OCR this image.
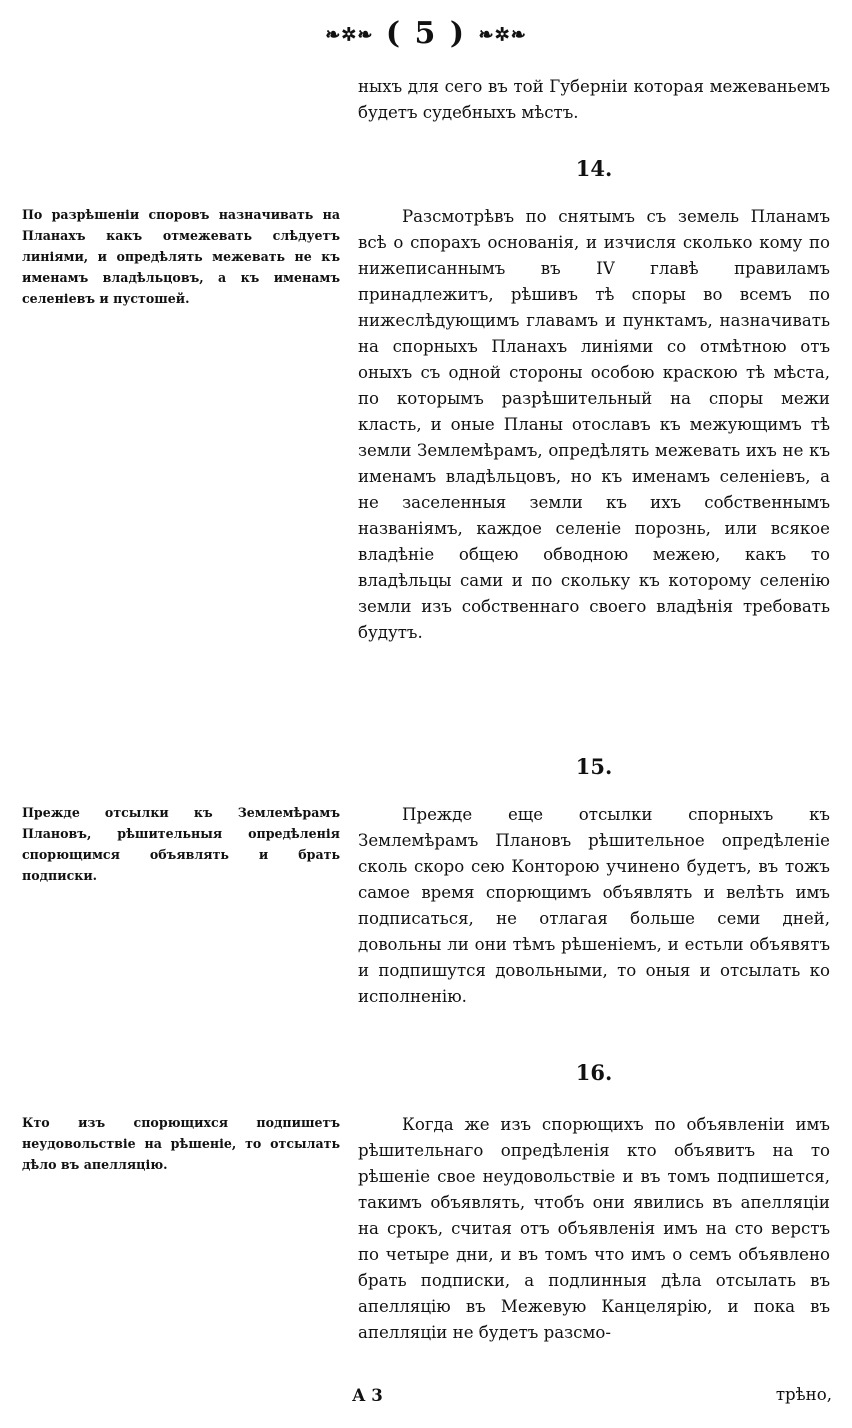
❧✲❧ ( 5 ) ❧✲❧

ныхъ для сего въ той Губерніи которая межеваньемъ будетъ судебныхъ мѣстъ.

14.
По разрѣшеніи споровъ назначивать на Планахъ какъ отмежевать слѣдуетъ линіями, и опредѣлять межевать не къ именамъ владѣльцовъ, а къ именамъ селеніевъ и пустошей.

Разсмотрѣвъ по снятымъ съ земель Планамъ всѣ о спорахъ основанія, и изчисля сколько кому по нижеписаннымъ въ IV главѣ правиламъ принадлежитъ, рѣшивъ тѣ споры во всемъ по нижеслѣдующимъ главамъ и пунктамъ, назначивать на спорныхъ Планахъ линіями со отмѣтною отъ оныхъ съ одной стороны особою краскою тѣ мѣста, по которымъ разрѣшительный на споры межи класть, и оные Планы отославъ къ межующимъ тѣ земли Землемѣрамъ, опредѣлять межевать ихъ не къ именамъ владѣльцовъ, но къ именамъ селеніевъ, а не заселенныя земли къ ихъ собственнымъ названіямъ, каждое селеніе порознь, или всякое владѣніе общею обводною межею, какъ то владѣльцы сами и по скольку къ которому селенію земли изъ собственнаго своего владѣнія требовать будутъ.

15.
Прежде отсылки къ Землемѣрамъ Плановъ, рѣшительныя опредѣленія спорющимся объявлять и брать подписки.

Прежде еще отсылки спорныхъ къ Землемѣрамъ Плановъ рѣшительное опредѣленіе сколь скоро сею Конторою учинено будетъ, въ тожъ самое время спорющимъ объявлять и велѣть имъ подписаться, не отлагая больше семи дней, довольны ли они тѣмъ рѣшеніемъ, и естьли объявятъ и подпишутся довольными, то оныя и отсылать ко исполненію.

16.
Кто изъ спорющихся подпишетъ неудовольствіе на рѣшеніе, то отсылать дѣло въ апелляцію.

Когда же изъ спорющихъ по объявленіи имъ рѣшительнаго опредѣленія кто объявитъ на то рѣшеніе свое неудовольствіе и въ томъ подпишется, такимъ объявлять, чтобъ они явились въ апелляціи на срокъ, считая отъ объявленія имъ на сто верстъ по четыре дни, и въ томъ что имъ о семъ объявлено брать подписки, а подлинныя дѣла отсылать въ апелляцію въ Межевую Канцелярію, и пока въ апелляціи не будетъ разсмо-

А 3	трѣно,
